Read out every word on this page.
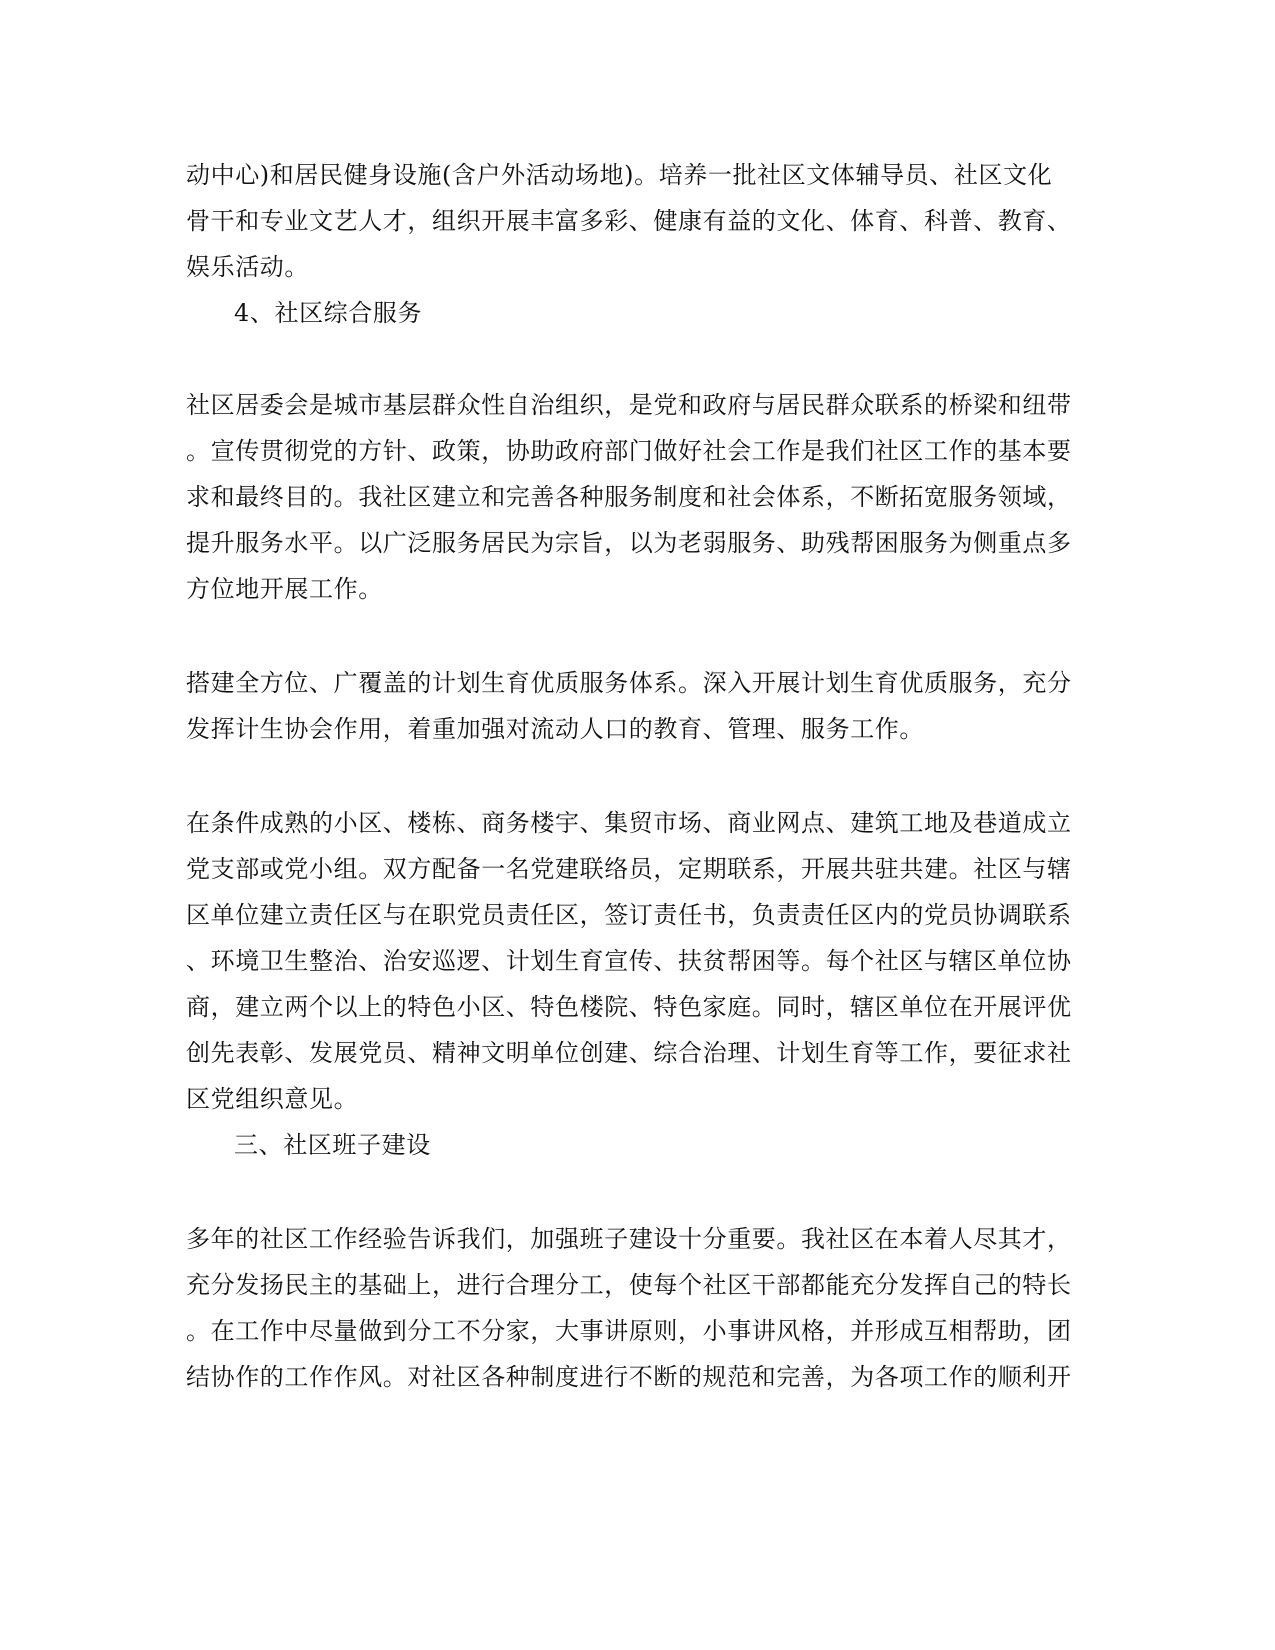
动中心)和居民健身设施(含户外活动场地)。培养一批社区文体辅导员、社区文化
骨干和专业文艺人才，组织开展丰富多彩、健康有益的文化、体育、科普、教育、
娱乐活动。
4、社区综合服务
社区居委会是城市基层群众性自治组织，是党和政府与居民群众联系的桥梁和纽带
。宣传贯彻党的方针、政策，协助政府部门做好社会工作是我们社区工作的基本要
求和最终目的。我社区建立和完善各种服务制度和社会体系，不断拓宽服务领域，
提升服务水平。以广泛服务居民为宗旨，以为老弱服务、助残帮困服务为侧重点多
方位地开展工作。
搭建全方位、广覆盖的计划生育优质服务体系。深入开展计划生育优质服务，充分
发挥计生协会作用，着重加强对流动人口的教育、管理、服务工作。
在条件成熟的小区、楼栋、商务楼宇、集贸市场、商业网点、建筑工地及巷道成立
党支部或党小组。双方配备一名党建联络员，定期联系，开展共驻共建。社区与辖
区单位建立责任区与在职党员责任区，签订责任书，负责责任区内的党员协调联系
、环境卫生整治、治安巡逻、计划生育宣传、扶贫帮困等。每个社区与辖区单位协
商，建立两个以上的特色小区、特色楼院、特色家庭。同时，辖区单位在开展评优
创先表彰、发展党员、精神文明单位创建、综合治理、计划生育等工作，要征求社
区党组织意见。
三、社区班子建设
多年的社区工作经验告诉我们，加强班子建设十分重要。我社区在本着人尽其才，
充分发扬民主的基础上，进行合理分工，使每个社区干部都能充分发挥自己的特长
。在工作中尽量做到分工不分家，大事讲原则，小事讲风格，并形成互相帮助，团
结协作的工作作风。对社区各种制度进行不断的规范和完善，为各项工作的顺利开
